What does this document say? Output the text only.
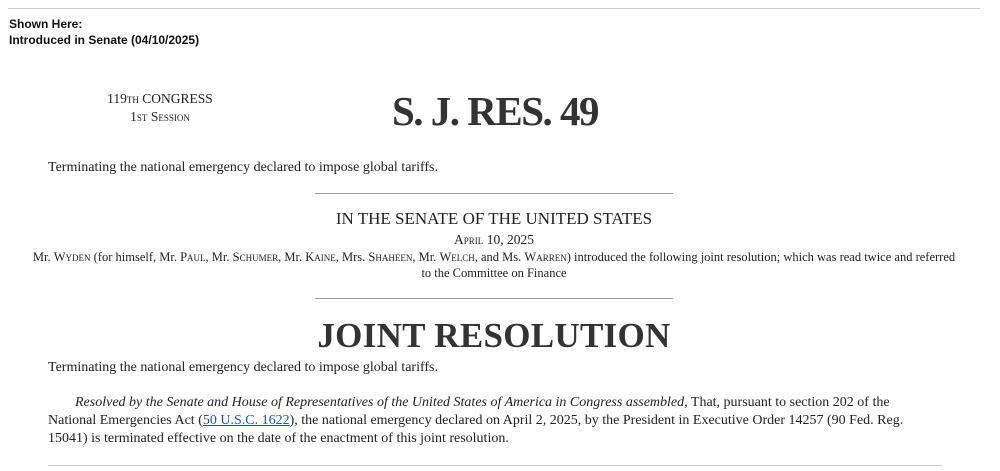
Shown Here:
Introduced in Senate (04/10/2025)
119th CONGRESS
1st Session	S. J. RES. 49
Terminating the national emergency declared to impose global tariffs.
IN THE SENATE OF THE UNITED STATES
April 10, 2025
Mr. Wyden (for himself, Mr. Paul, Mr. Schumer, Mr. Kaine, Mrs. Shaheen, Mr. Welch, and Ms. Warren) introduced the following joint resolution; which was read twice and referred to the Committee on Finance
JOINT RESOLUTION
Terminating the national emergency declared to impose global tariffs.
Resolved by the Senate and House of Representatives of the United States of America in Congress assembled, That, pursuant to section 202 of the National Emergencies Act (50 U.S.C. 1622), the national emergency declared on April 2, 2025, by the President in Executive Order 14257 (90 Fed. Reg. 15041) is terminated effective on the date of the enactment of this joint resolution.
